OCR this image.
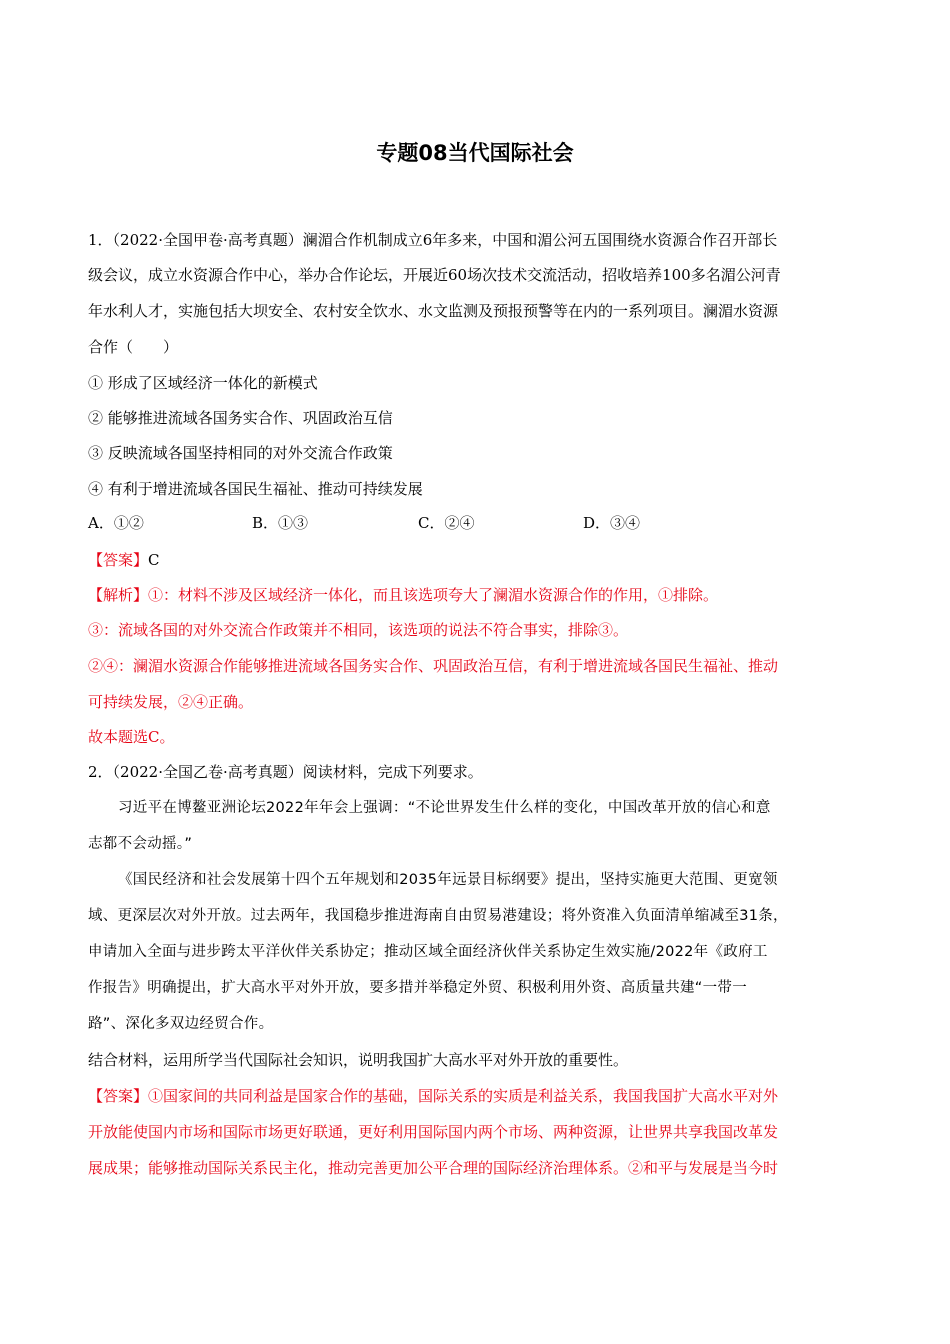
专题08当代国际社会
1．（2022·全国甲卷·高考真题）澜湄合作机制成立6年多来，中国和湄公河五国围绕水资源合作召开部长
级会议，成立水资源合作中心，举办合作论坛，开展近60场次技术交流活动，招收培养100多名湄公河青
年水利人才，实施包括大坝安全、农村安全饮水、水文监测及预报预警等在内的一系列项目。澜湄水资源
合作（　　）
① 形成了区域经济一体化的新模式
② 能够推进流域各国务实合作、巩固政治互信
③ 反映流域各国坚持相同的对外交流合作政策
④ 有利于增进流域各国民生福祉、推动可持续发展
A．①②	B．①③	C．②④	D．③④
【答案】C
【解析】①：材料不涉及区域经济一体化，而且该选项夸大了澜湄水资源合作的作用，①排除。
③：流域各国的对外交流合作政策并不相同，该选项的说法不符合事实，排除③。
②④：澜湄水资源合作能够推进流域各国务实合作、巩固政治互信，有利于增进流域各国民生福祉、推动
可持续发展，②④正确。
故本题选C。
2．（2022·全国乙卷·高考真题）阅读材料，完成下列要求。
习近平在博鳌亚洲论坛2022年年会上强调：“不论世界发生什么样的变化，中国改革开放的信心和意
志都不会动摇。”
《国民经济和社会发展第十四个五年规划和2035年远景目标纲要》提出，坚持实施更大范围、更宽领
域、更深层次对外开放。过去两年，我国稳步推进海南自由贸易港建设；将外资准入负面清单缩减至31条，
申请加入全面与进步跨太平洋伙伴关系协定；推动区域全面经济伙伴关系协定生效实施/2022年《政府工
作报告》明确提出，扩大高水平对外开放，要多措并举稳定外贸、积极利用外资、高质量共建“一带一
路”、深化多双边经贸合作。
结合材料，运用所学当代国际社会知识，说明我国扩大高水平对外开放的重要性。
【答案】①国家间的共同利益是国家合作的基础，国际关系的实质是利益关系，我国我国扩大高水平对外
开放能使国内市场和国际市场更好联通，更好利用国际国内两个市场、两种资源，让世界共享我国改革发
展成果；能够推动国际关系民主化，推动完善更加公平合理的国际经济治理体系。②和平与发展是当今时
